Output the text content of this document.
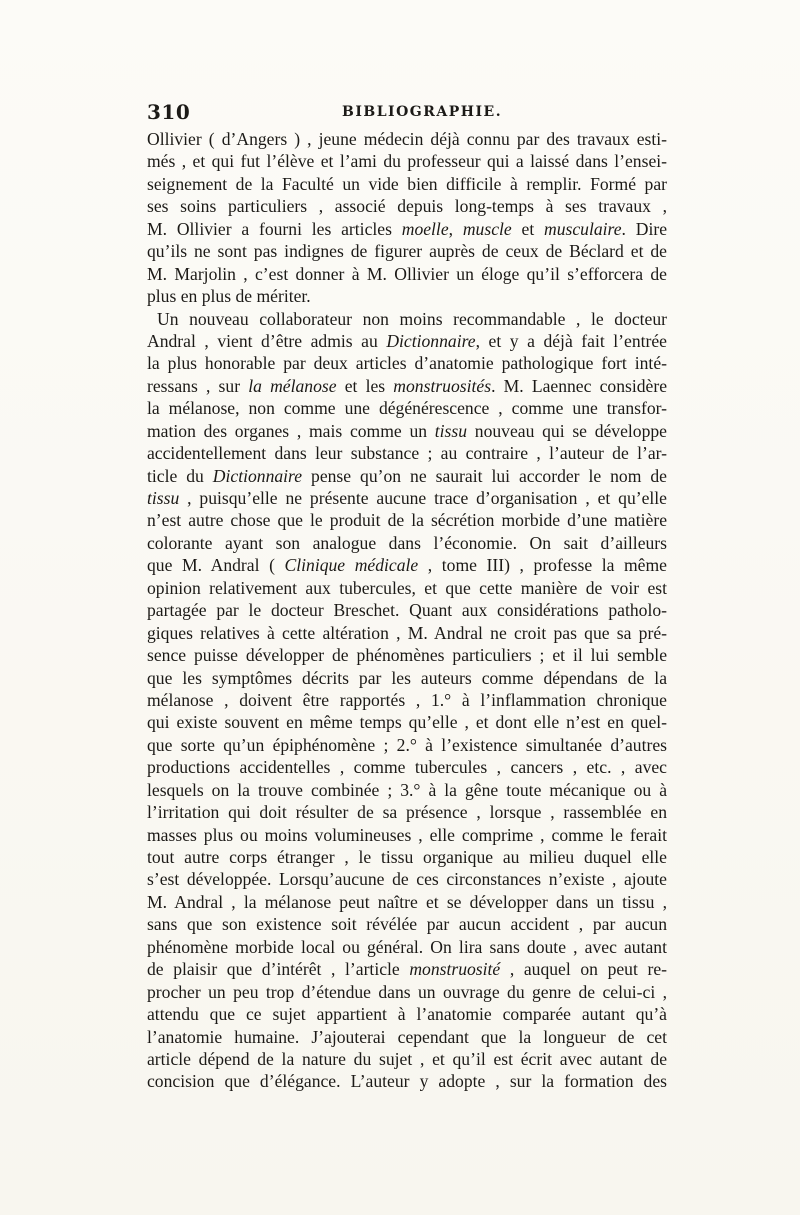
310	BIBLIOGRAPHIE.
Ollivier ( d’Angers ) , jeune médecin déjà connu par des travaux esti-
més , et qui fut l’élève et l’ami du professeur qui a laissé dans l’ensei-
seignement de la Faculté un vide bien difficile à remplir. Formé par
ses soins particuliers , associé depuis long-temps à ses travaux ,
M. Ollivier a fourni les articles moelle, muscle et musculaire. Dire
qu’ils ne sont pas indignes de figurer auprès de ceux de Béclard et de
M. Marjolin , c’est donner à M. Ollivier un éloge qu’il s’efforcera de
plus en plus de mériter.
Un nouveau collaborateur non moins recommandable , le docteur
Andral , vient d’être admis au Dictionnaire, et y a déjà fait l’entrée
la plus honorable par deux articles d’anatomie pathologique fort inté-
ressans , sur la mélanose et les monstruosités. M. Laennec considère
la mélanose, non comme une dégénérescence , comme une transfor-
mation des organes , mais comme un tissu nouveau qui se développe
accidentellement dans leur substance ; au contraire , l’auteur de l’ar-
ticle du Dictionnaire pense qu’on ne saurait lui accorder le nom de
tissu , puisqu’elle ne présente aucune trace d’organisation , et qu’elle
n’est autre chose que le produit de la sécrétion morbide d’une matière
colorante ayant son analogue dans l’économie. On sait d’ailleurs
que M. Andral ( Clinique médicale , tome III) , professe la même
opinion relativement aux tubercules, et que cette manière de voir est
partagée par le docteur Breschet. Quant aux considérations patholo-
giques relatives à cette altération , M. Andral ne croit pas que sa pré-
sence puisse développer de phénomènes particuliers ; et il lui semble
que les symptômes décrits par les auteurs comme dépendans de la
mélanose , doivent être rapportés , 1.° à l’inflammation chronique
qui existe souvent en même temps qu’elle , et dont elle n’est en quel-
que sorte qu’un épiphénomène ; 2.° à l’existence simultanée d’autres
productions accidentelles , comme tubercules , cancers , etc. , avec
lesquels on la trouve combinée ; 3.° à la gêne toute mécanique ou à
l’irritation qui doit résulter de sa présence , lorsque , rassemblée en
masses plus ou moins volumineuses , elle comprime , comme le ferait
tout autre corps étranger , le tissu organique au milieu duquel elle
s’est développée. Lorsqu’aucune de ces circonstances n’existe , ajoute
M. Andral , la mélanose peut naître et se développer dans un tissu ,
sans que son existence soit révélée par aucun accident , par aucun
phénomène morbide local ou général. On lira sans doute , avec autant
de plaisir que d’intérêt , l’article monstruosité , auquel on peut re-
procher un peu trop d’étendue dans un ouvrage du genre de celui-ci ,
attendu que ce sujet appartient à l’anatomie comparée autant qu’à
l’anatomie humaine. J’ajouterai cependant que la longueur de cet
article dépend de la nature du sujet , et qu’il est écrit avec autant de
concision que d’élégance. L’auteur y adopte , sur la formation des
